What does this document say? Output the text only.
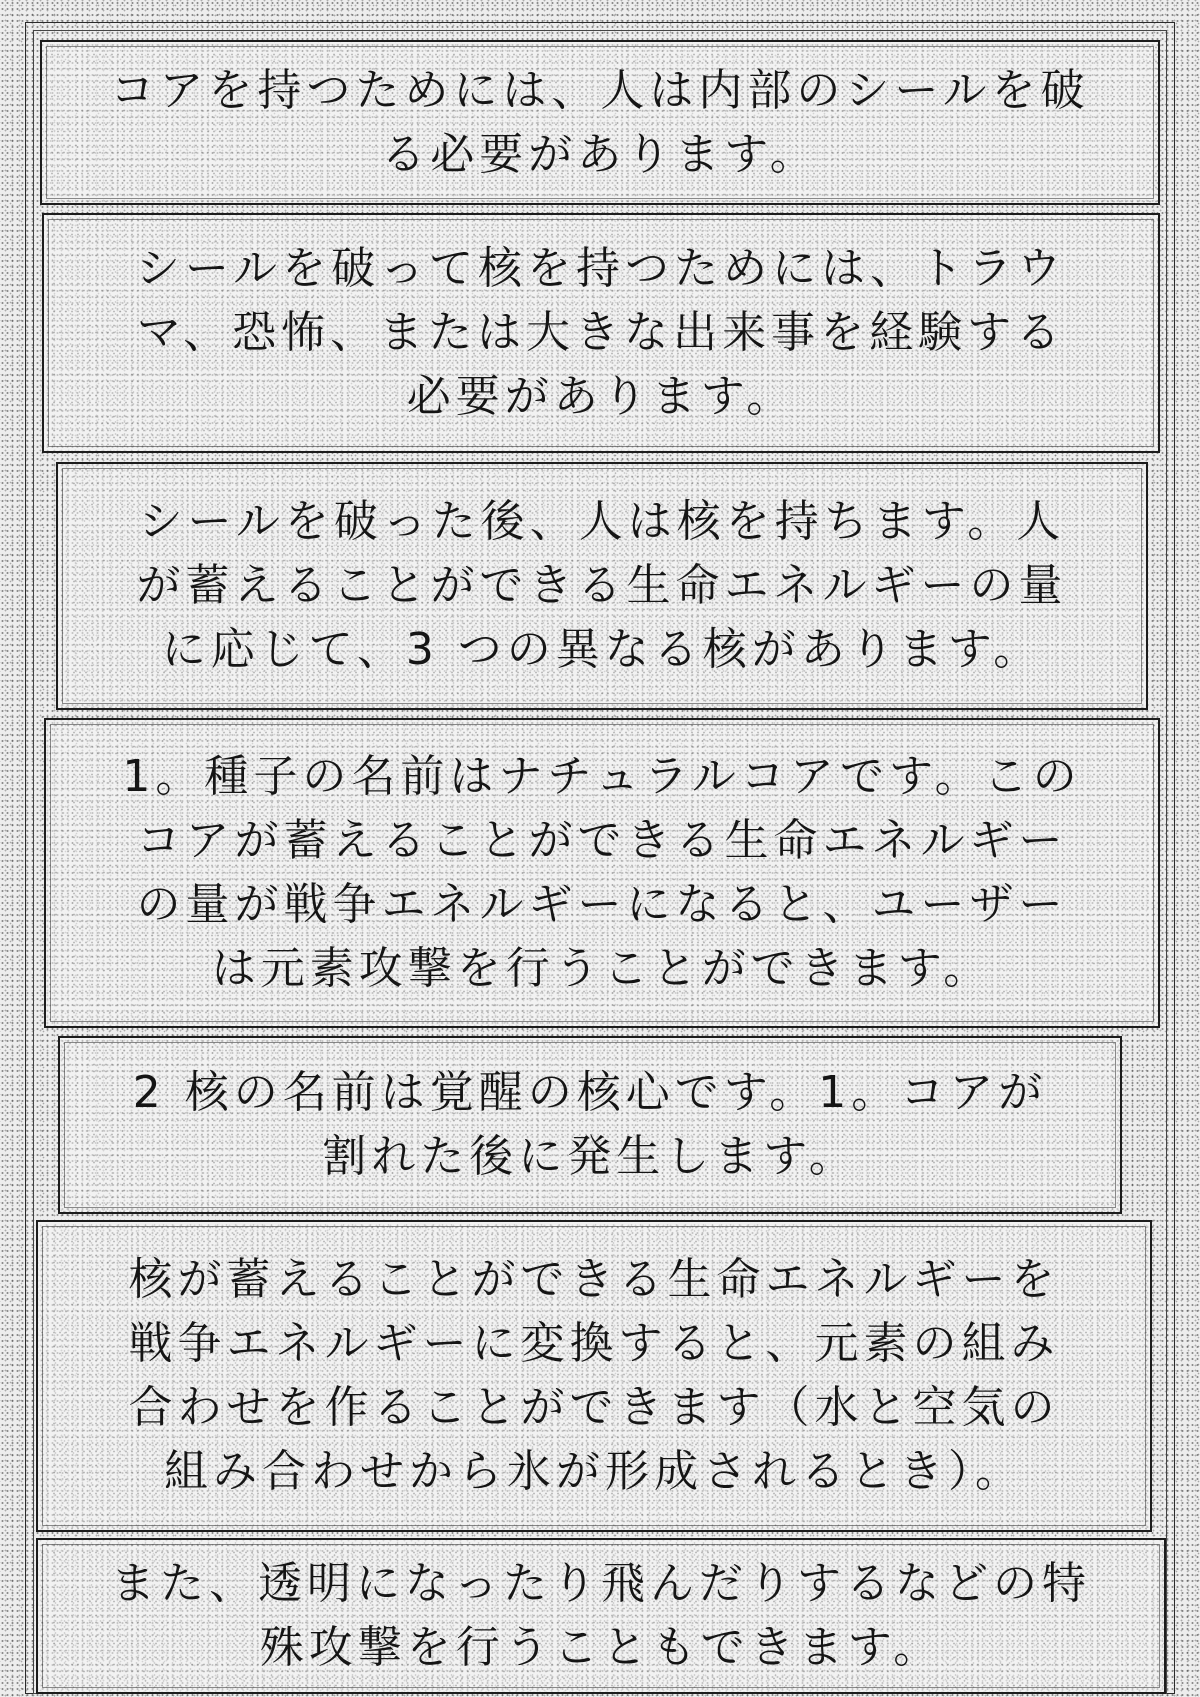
コアを持つためには、人は内部のシールを破
る必要があります。

シールを破って核を持つためには、トラウ
マ、恐怖、または大きな出来事を経験する
必要があります。

シールを破った後、人は核を持ちます。人
が蓄えることができる生命エネルギーの量
に応じて、3 つの異なる核があります。

1。種子の名前はナチュラルコアです。この
コアが蓄えることができる生命エネルギー
の量が戦争エネルギーになると、ユーザー
は元素攻撃を行うことができます。

2 核の名前は覚醒の核心です。1。コアが
割れた後に発生します。

核が蓄えることができる生命エネルギーを
戦争エネルギーに変換すると、元素の組み
合わせを作ることができます（水と空気の
組み合わせから氷が形成されるとき）。

また、透明になったり飛んだりするなどの特
殊攻撃を行うこともできます。
